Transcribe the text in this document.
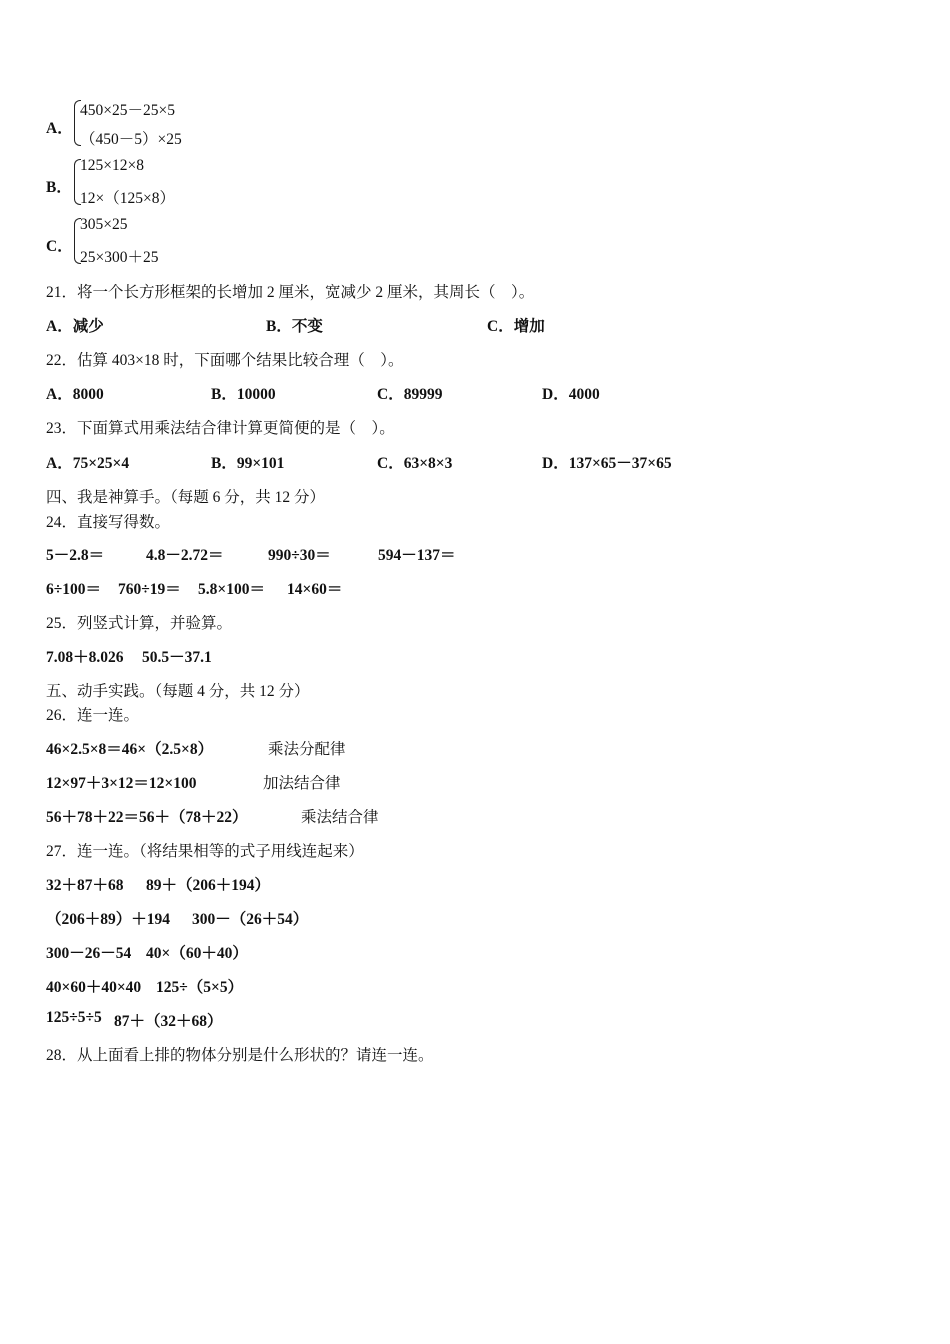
A．
450×25－25×5
（450－5）×25
B．
125×12×8
12×（125×8）
C．
305×25
25×300＋25
21．将一个长方形框架的长增加 2 厘米，宽减少 2 厘米，其周长（　）。
A．减少	B．不变	C．增加
22．估算 403×18 时，下面哪个结果比较合理（　）。
A．8000	B．10000	C．89999	D．4000
23．下面算式用乘法结合律计算更简便的是（　）。
A．75×25×4	B．99×101	C．63×8×3	D．137×65－37×65
四、我是神算手。（每题 6 分，共 12 分）
24．直接写得数。
5－2.8＝	4.8－2.72＝	990÷30＝	594－137＝
6÷100＝ 760÷19＝ 5.8×100＝ 14×60＝
25．列竖式计算，并验算。
7.08＋8.026 50.5－37.1
五、动手实践。（每题 4 分，共 12 分）
26．连一连。
46×2.5×8＝46×（2.5×8）	乘法分配律
12×97＋3×12＝12×100	加法结合律
56＋78＋22＝56＋（78＋22）	乘法结合律
27．连一连。（将结果相等的式子用线连起来）
32＋87＋68 89＋（206＋194）
（206＋89）＋194 300－（26＋54）
300－26－54 40×（60＋40）
40×60＋40×40 125÷（5×5）
125÷5÷5 87＋（32＋68）
28．从上面看上排的物体分别是什么形状的？请连一连。
